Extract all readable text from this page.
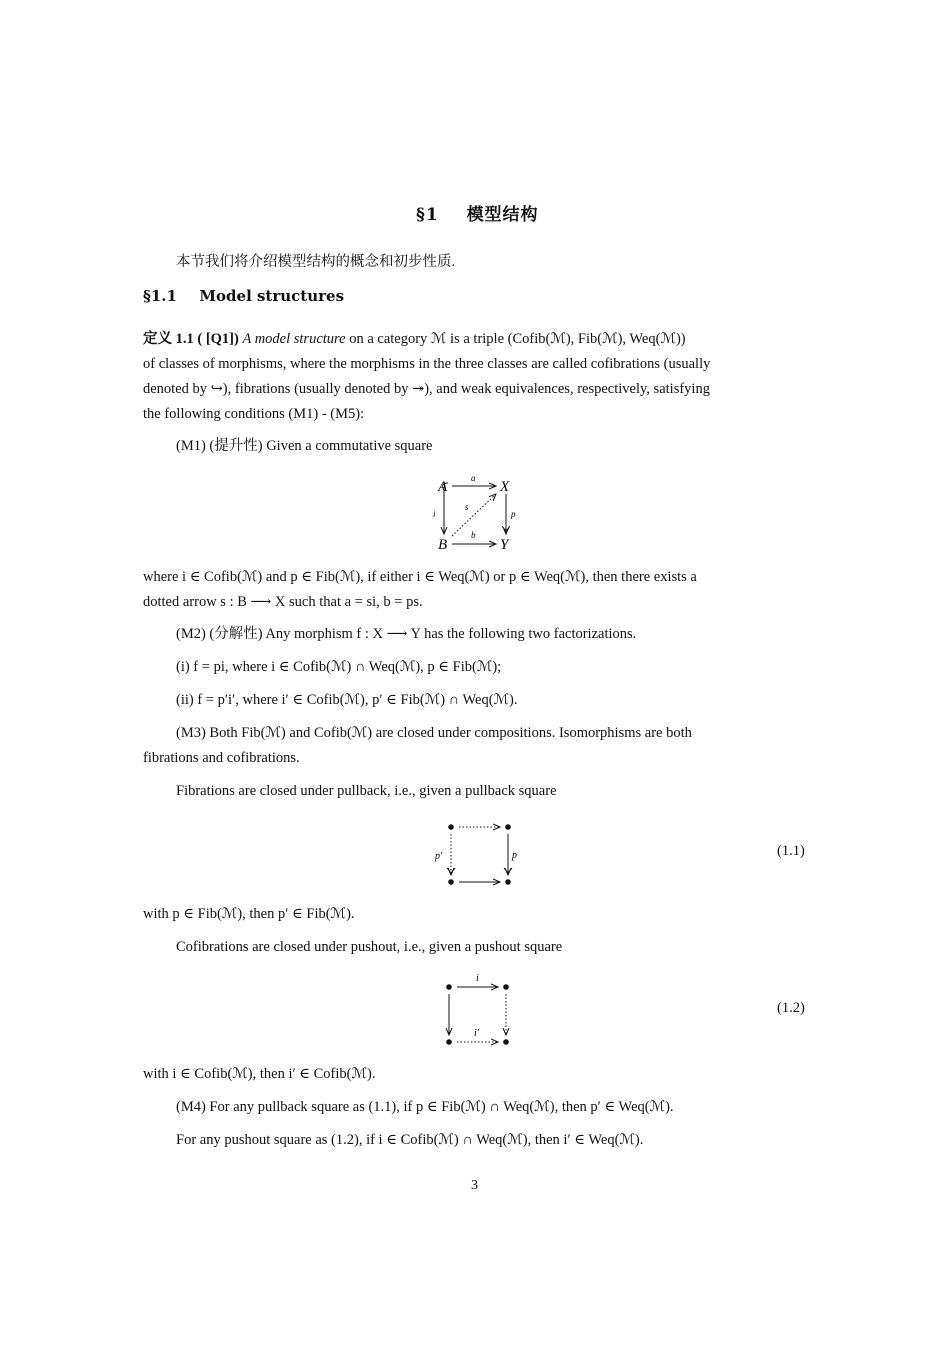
§1 模型结构
本节我们将介绍模型结构的概念和初步性质.
§1.1 Model structures
定义 1.1 ( [Q1]) A model structure on a category ℳ is a triple (Cofib(ℳ), Fib(ℳ), Weq(ℳ))
of classes of morphisms, where the morphisms in the three classes are called cofibrations (usually
denoted by ↪), fibrations (usually denoted by ↠), and weak equivalences, respectively, satisfying
the following conditions (M1) - (M5):
(M1) (提升性) Given a commutative square
A	X
B	Y
a
b
i	p
s
where i ∈ Cofib(ℳ) and p ∈ Fib(ℳ), if either i ∈ Weq(ℳ) or p ∈ Weq(ℳ), then there exists a
dotted arrow s : B ⟶ X such that a = si, b = ps.
(M2) (分解性) Any morphism f : X ⟶ Y has the following two factorizations.
(i) f = pi, where i ∈ Cofib(ℳ) ∩ Weq(ℳ), p ∈ Fib(ℳ);
(ii) f = p′i′, where i′ ∈ Cofib(ℳ), p′ ∈ Fib(ℳ) ∩ Weq(ℳ).
(M3) Both Fib(ℳ) and Cofib(ℳ) are closed under compositions. Isomorphisms are both
fibrations and cofibrations.
Fibrations are closed under pullback, i.e., given a pullback square
p′	p	(1.1)
with p ∈ Fib(ℳ), then p′ ∈ Fib(ℳ).
Cofibrations are closed under pushout, i.e., given a pushout square
i
i′
(1.2)
with i ∈ Cofib(ℳ), then i′ ∈ Cofib(ℳ).
(M4) For any pullback square as (1.1), if p ∈ Fib(ℳ) ∩ Weq(ℳ), then p′ ∈ Weq(ℳ).
For any pushout square as (1.2), if i ∈ Cofib(ℳ) ∩ Weq(ℳ), then i′ ∈ Weq(ℳ).
3
